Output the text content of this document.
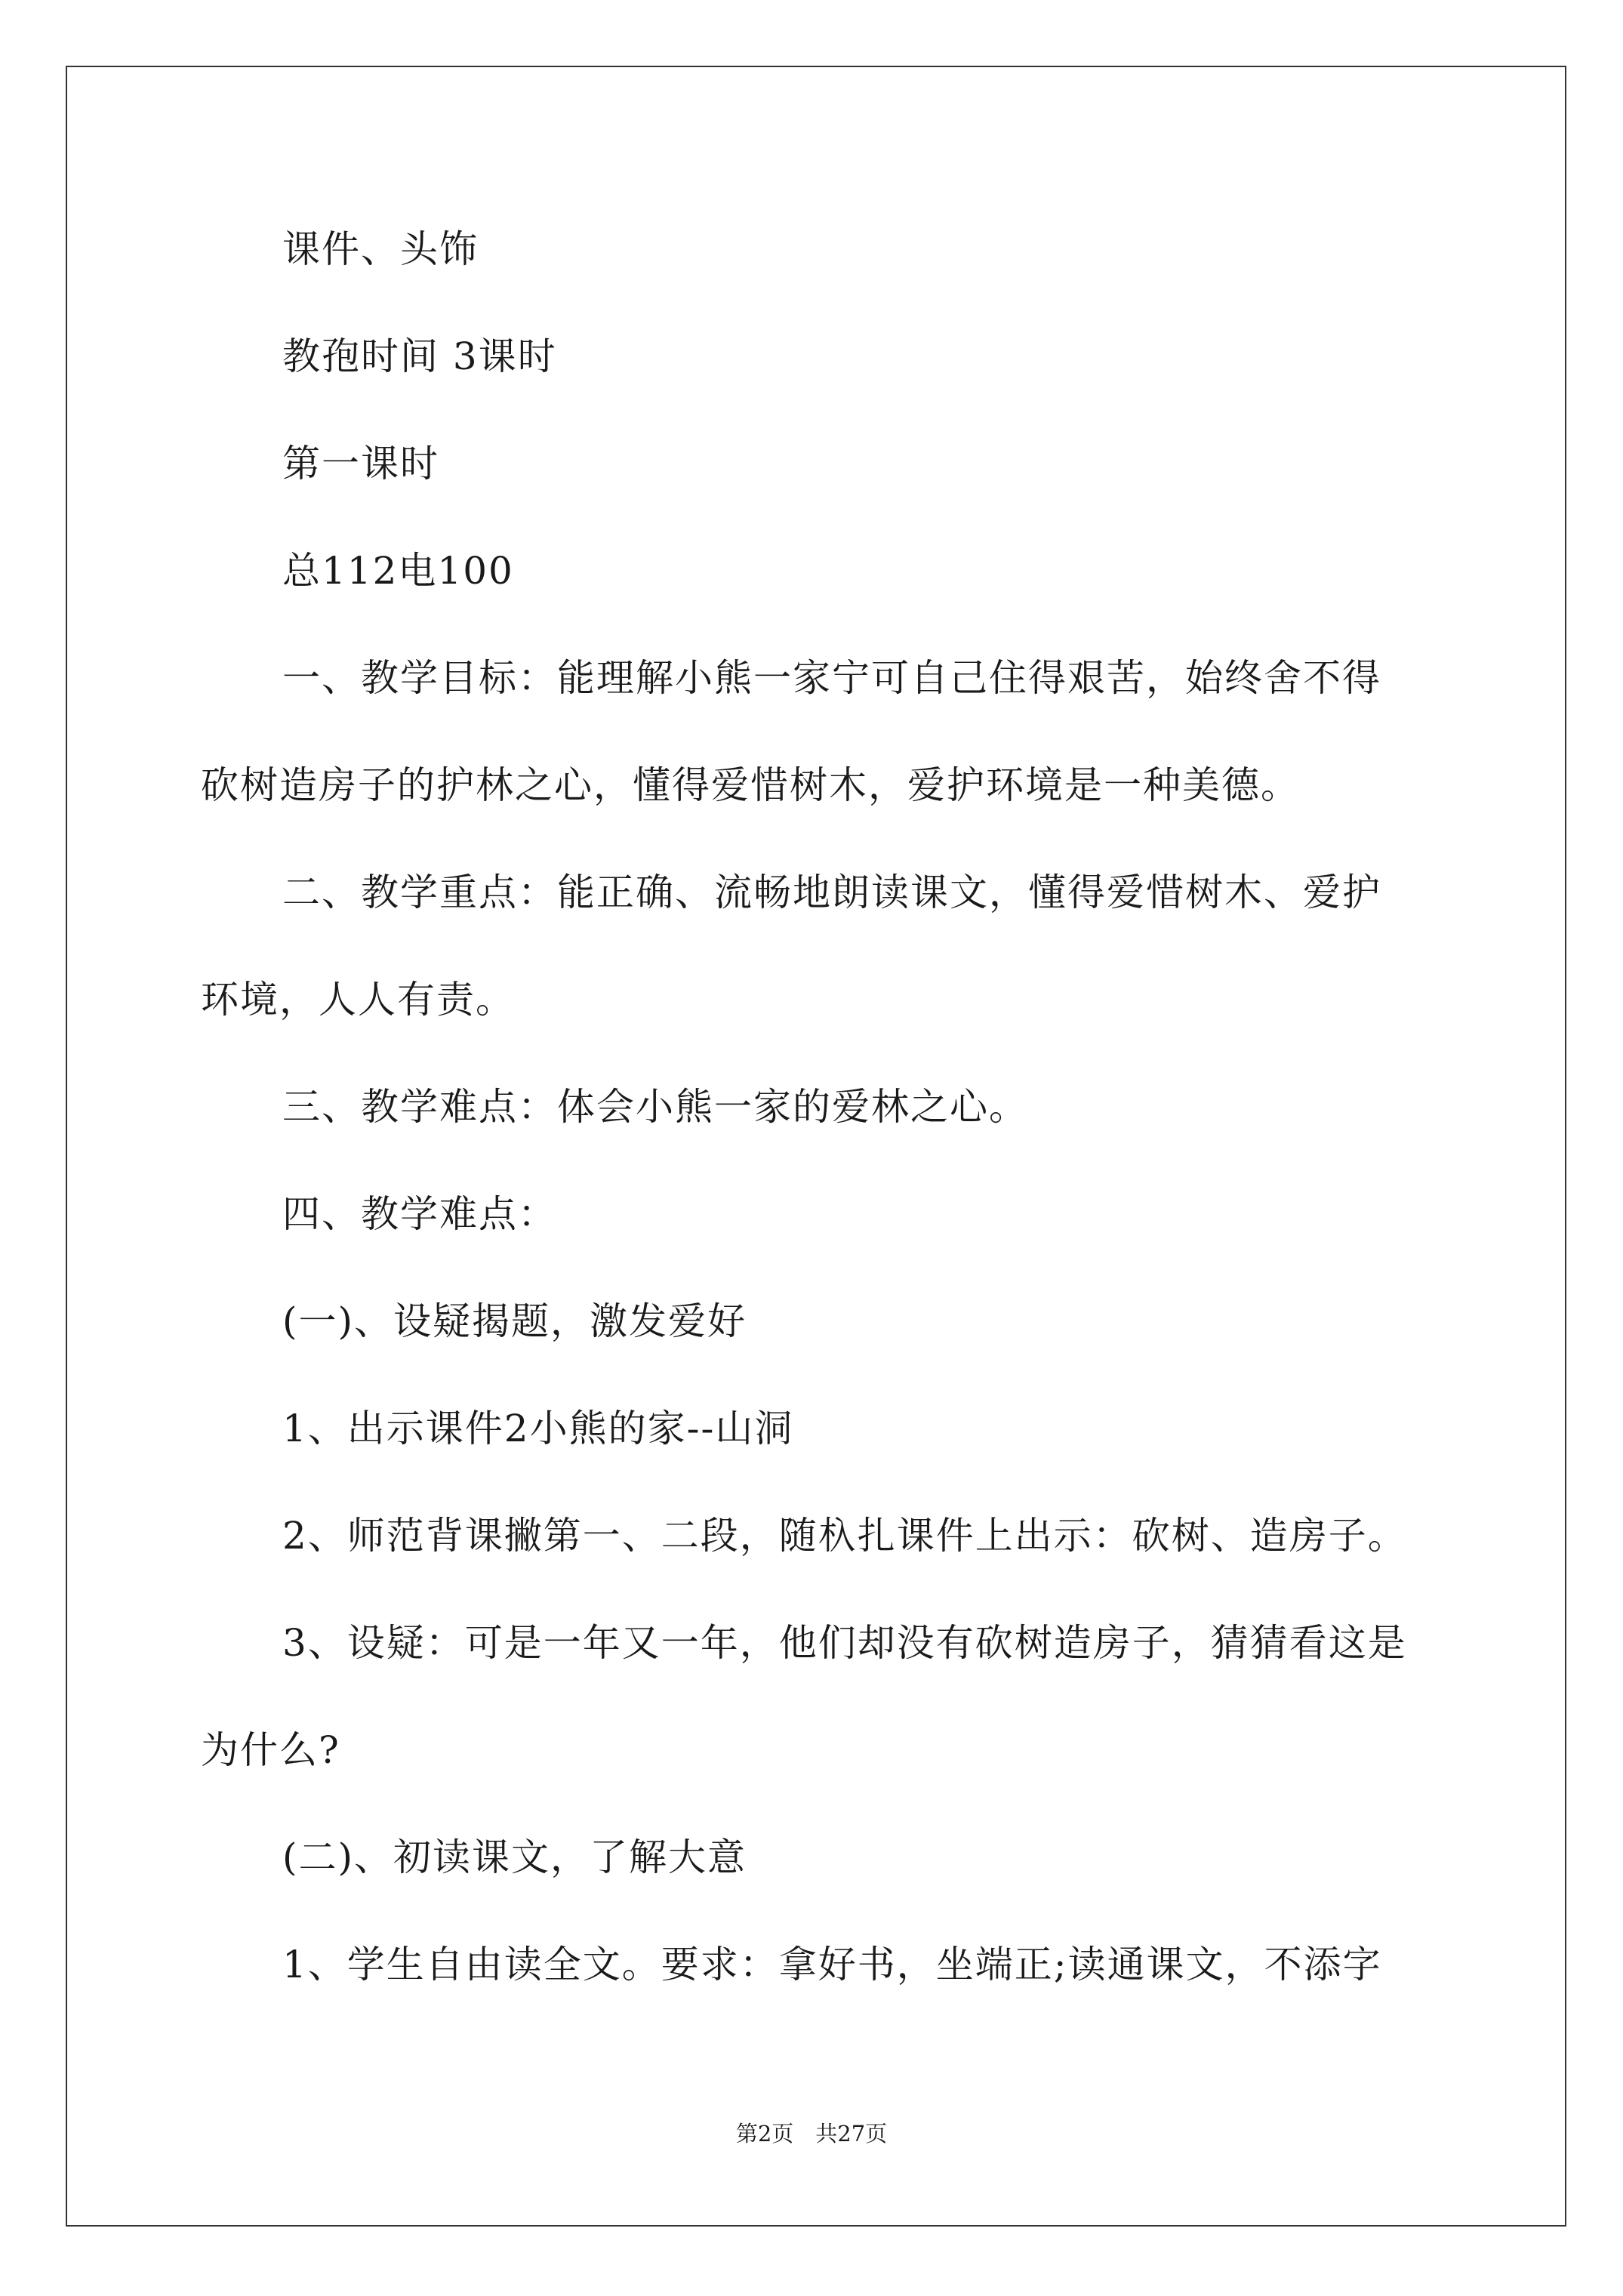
课件、头饰
教孢时间 3课时
第一课时
总112电100
一、教学目标：能理解小熊一家宁可自己住得艰苦，始终舍不得
砍树造房子的护林之心，懂得爱惜树木，爱护环境是一种美德。
二、教学重点：能正确、流畅地朗读课文，懂得爱惜树木、爱护
环境，人人有责。
三、教学难点：体会小熊一家的爱林之心。
四、教学难点：
(一)、设疑揭题，激发爱好
1、出示课件2小熊的家--山洞
2、师范背课撇第一、二段，随杁扎课件上出示：砍树、造房子。
3、设疑：可是一年又一年，他们却没有砍树造房子，猜猜看这是
为什么?
(二)、初读课文，了解大意
1、学生自由读全文。要求：拿好书，坐端正;读通课文，不添字
第2页　共27页
